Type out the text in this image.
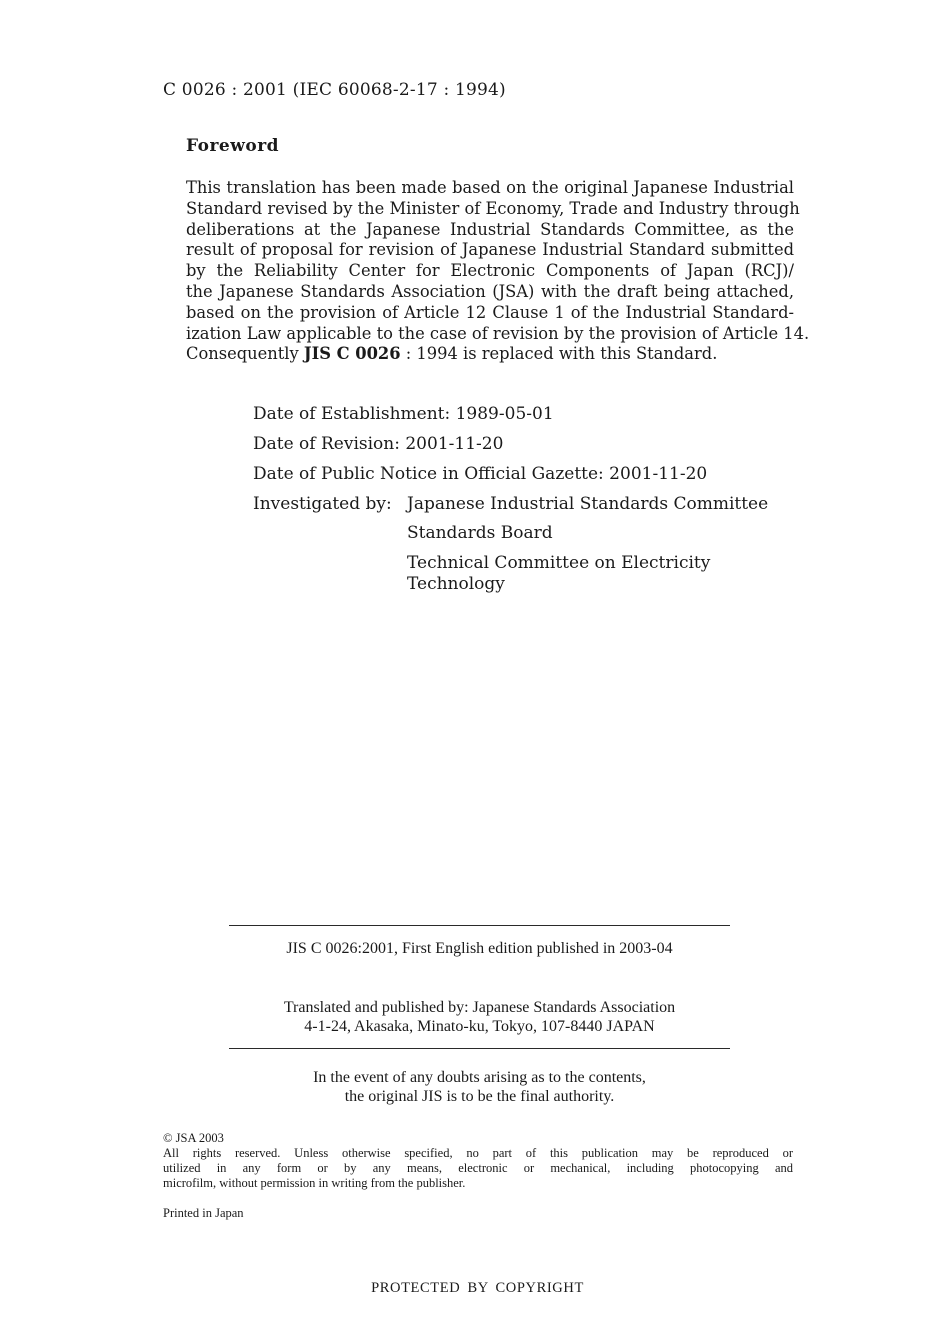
C 0026 : 2001 (IEC 60068-2-17 : 1994)
Foreword
This translation has been made based on the original Japanese Industrial
Standard revised by the Minister of Economy, Trade and Industry through
deliberations at the Japanese Industrial Standards Committee, as the
result of proposal for revision of Japanese Industrial Standard submitted
by the Reliability Center for Electronic Components of Japan (RCJ)/
the Japanese Standards Association (JSA) with the draft being attached,
based on the provision of Article 12 Clause 1 of the Industrial Standard-
ization Law applicable to the case of revision by the provision of Article 14.
Consequently JIS C 0026 : 1994 is replaced with this Standard.
Date of Establishment: 1989-05-01
Date of Revision: 2001-11-20
Date of Public Notice in Official Gazette: 2001-11-20
Investigated by: Japanese Industrial Standards Committee
Standards Board
Technical Committee on Electricity Technology
JIS C 0026:2001, First English edition published in 2003-04
Translated and published by: Japanese Standards Association
4-1-24, Akasaka, Minato-ku, Tokyo, 107-8440 JAPAN
In the event of any doubts arising as to the contents,
the original JIS is to be the final authority.
© JSA 2003
All rights reserved. Unless otherwise specified, no part of this publication may be reproduced or
utilized in any form or by any means, electronic or mechanical, including photocopying and
microfilm, without permission in writing from the publisher.
Printed in Japan
PROTECTED BY COPYRIGHT
